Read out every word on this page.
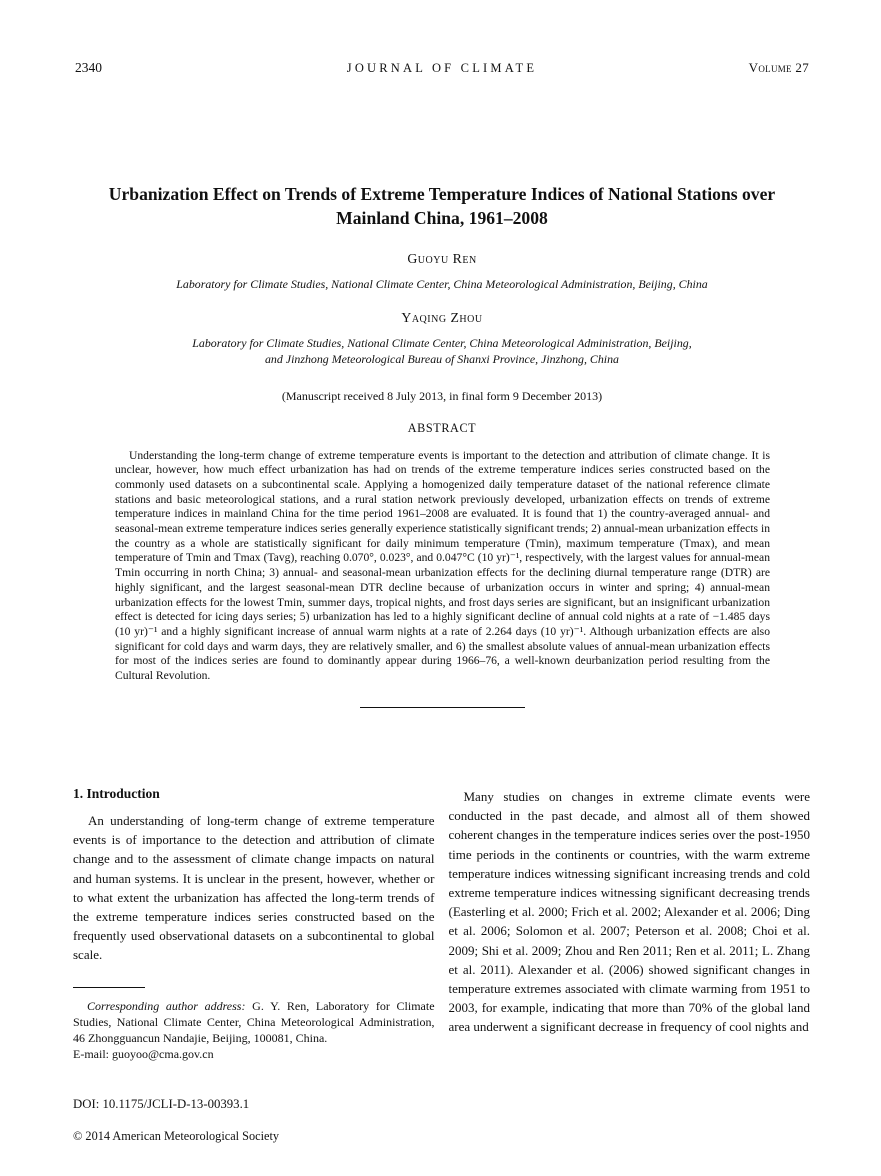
2340	JOURNAL OF CLIMATE	Volume 27
Urbanization Effect on Trends of Extreme Temperature Indices of National Stations over Mainland China, 1961–2008
Guoyu Ren
Laboratory for Climate Studies, National Climate Center, China Meteorological Administration, Beijing, China
Yaqing Zhou
Laboratory for Climate Studies, National Climate Center, China Meteorological Administration, Beijing,
and Jinzhong Meteorological Bureau of Shanxi Province, Jinzhong, China
(Manuscript received 8 July 2013, in final form 9 December 2013)
ABSTRACT

Understanding the long-term change of extreme temperature events is important to the detection and attribution of climate change. It is unclear, however, how much effect urbanization has had on trends of the extreme temperature indices series constructed based on the commonly used datasets on a subcontinental scale. Applying a homogenized daily temperature dataset of the national reference climate stations and basic meteorological stations, and a rural station network previously developed, urbanization effects on trends of extreme temperature indices in mainland China for the time period 1961–2008 are evaluated. It is found that 1) the country-averaged annual- and seasonal-mean extreme temperature indices series generally experience statistically significant trends; 2) annual-mean urbanization effects in the country as a whole are statistically significant for daily minimum temperature (Tmin), maximum temperature (Tmax), and mean temperature of Tmin and Tmax (Tavg), reaching 0.070°, 0.023°, and 0.047°C (10 yr)⁻¹, respectively, with the largest values for annual-mean Tmin occurring in north China; 3) annual- and seasonal-mean urbanization effects for the declining diurnal temperature range (DTR) are highly significant, and the largest seasonal-mean DTR decline because of urbanization occurs in winter and spring; 4) annual-mean urbanization effects for the lowest Tmin, summer days, tropical nights, and frost days series are significant, but an insignificant urbanization effect is detected for icing days series; 5) urbanization has led to a highly significant decline of annual cold nights at a rate of −1.485 days (10 yr)⁻¹ and a highly significant increase of annual warm nights at a rate of 2.264 days (10 yr)⁻¹. Although urbanization effects are also significant for cold days and warm days, they are relatively smaller, and 6) the smallest absolute values of annual-mean urbanization effects for most of the indices series are found to dominantly appear during 1966–76, a well-known deurbanization period resulting from the Cultural Revolution.

1. Introduction

An understanding of long-term change of extreme temperature events is of importance to the detection and attribution of climate change and to the assessment of climate change impacts on natural and human systems. It is unclear in the present, however, whether or to what extent the urbanization has affected the long-term trends of the extreme temperature indices series constructed based on the frequently used observational datasets on a subcontinental to global scale.

Corresponding author address: G. Y. Ren, Laboratory for Climate Studies, National Climate Center, China Meteorological Administration, 46 Zhongguancun Nandajie, Beijing, 100081, China.

E-mail: guoyoo@cma.gov.cn

Many studies on changes in extreme climate events were conducted in the past decade, and almost all of them showed coherent changes in the temperature indices series over the post-1950 time periods in the continents or countries, with the warm extreme temperature indices witnessing significant increasing trends and cold extreme temperature indices witnessing significant decreasing trends (Easterling et al. 2000; Frich et al. 2002; Alexander et al. 2006; Ding et al. 2006; Solomon et al. 2007; Peterson et al. 2008; Choi et al. 2009; Shi et al. 2009; Zhou and Ren 2011; Ren et al. 2011; L. Zhang et al. 2011). Alexander et al. (2006) showed significant changes in temperature extremes associated with climate warming from 1951 to 2003, for example, indicating that more than 70% of the global land area underwent a significant decrease in frequency of cool nights and

DOI: 10.1175/JCLI-D-13-00393.1
© 2014 American Meteorological Society
